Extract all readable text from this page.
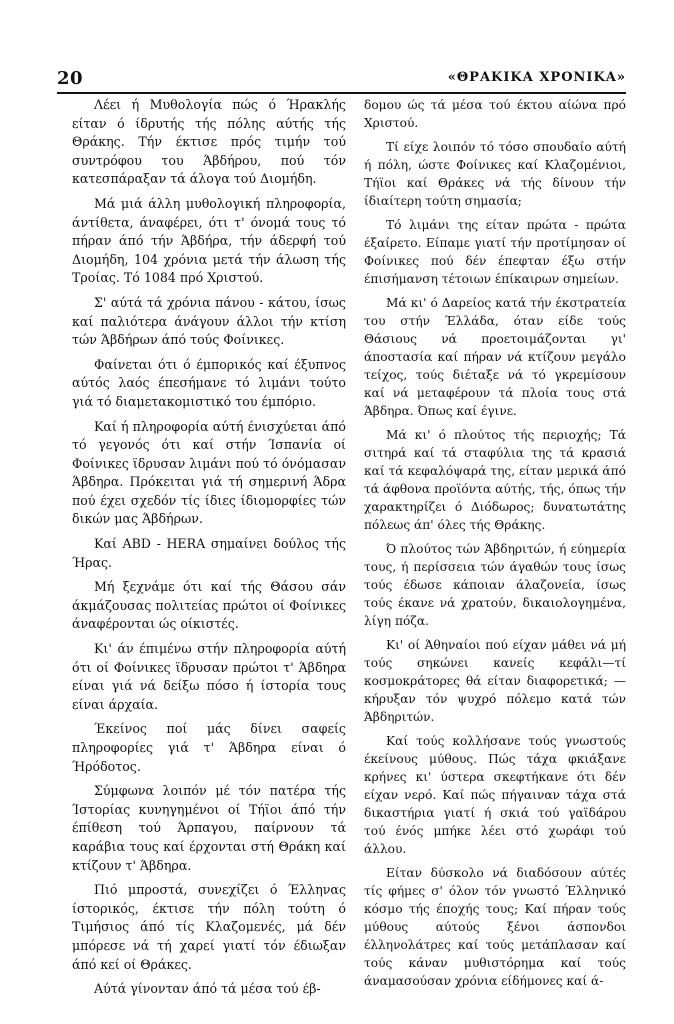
20	«ΘΡΑΚΙΚΑ ΧΡΟΝΙΚΑ»

Λέει ή Μυθολογία πώς ό Ήρακλής είταν ό ίδρυτής τής πόλης αύτής τής Θράκης. Τήν έκτισε πρός τιμήν τού συντρόφου του Άβδήρου, πού τόν κατεσπάραξαν τά άλογα τού Διομήδη.

Μά μιά άλλη μυθολογική πληροφορία, άντίθετα, άναφέρει, ότι τ' όνομά τους τό πήραν άπό τήν Άβδήρα, τήν άδερφή τού Διομήδη, 104 χρόνια μετά τήν άλωση τής Τροίας. Τό 1084 πρό Χριστού.

Σ' αύτά τά χρόνια πάνου - κάτου, ίσως καί παλιότερα άνάγουν άλλοι τήν κτίση τών Άβδήρων άπό τούς Φοίνικες.

Φαίνεται ότι ό έμπορικός καί έξυπνος αύτός λαός έπεσήμανε τό λιμάνι τούτο γιά τό διαμετακομιστικό του έμπόριο.

Καί ή πληροφορία αύτή ένισχύεται άπό τό γεγονός ότι καί στήν Ίσπανία οί Φοίνικες ϊδρυσαν λιμάνι πού τό όνόμασαν Άβδηρα. Πρόκειται γιά τή σημερινή Άδρα πού έχει σχεδόν τίς ίδιες ίδιομορφίες τών δικών μας Άβδήρων.

Καί ABD - HERA σημαίνει δούλος τής Ήρας.

Μή ξεχνάμε ότι καί τής Θάσου σάν άκμάζουσας πολιτείας πρώτοι οί Φοίνικες άναφέρονται ώς οίκιστές.

Κι' άν έπιμένω στήν πληροφορία αύτή ότι οί Φοίνικες ϊδρυσαν πρώτοι τ' Άβδηρα είναι γιά νά δείξω πόσο ή ίστορία τους είναι άρχαία.

Έκείνος ποί μάς δίνει σαφείς πληροφορίες γιά τ' Άβδηρα είναι ό Ήρόδοτος.

Σύμφωνα λοιπόν μέ τόν πατέρα τής Ίστορίας κυνηγημένοι οί Τήϊοι άπό τήν έπίθεση τού Άρπαγου, παίρνουν τά καράβια τους καί έρχονται στή Θράκη καί κτίζουν τ' Άβδηρα.

Πιό μπροστά, συνεχίζει ό Έλληνας ίστορικός, έκτισε τήν πόλη τούτη ό Τιμήσιος άπό τίς Κλαζομενές, μά δέν μπόρεσε νά τή χαρεί γιατί τόν έδιωξαν άπό κεί οί Θράκες.

Αύτά γίνονταν άπό τά μέσα τού έβ-

δομου ώς τά μέσα τού έκτου αίώνα πρό Χριστού.

Τί είχε λοιπόν τό τόσο σπουδαίο αύτή ή πόλη, ώστε Φοίνικες καί Κλαζομένιοι, Τήϊοι καί Θράκες νά τής δίνουν τήν ίδιαίτερη τούτη σημασία;

Τό λιμάνι της είταν πρώτα - πρώτα έξαίρετο. Είπαμε γιατί τήν προτίμησαν οί Φοίνικες πού δέν έπεφταν έξω στήν έπισήμανση τέτοιων έπίκαιρων σημείων.

Μά κι' ό Δαρείος κατά τήν έκστρατεία του στήν Έλλάδα, όταν είδε τούς Θάσιους νά προετοιμάζονται γι' άποστασία καί πήραν νά κτίζουν μεγάλο τείχος, τούς διέταξε νά τό γκρεμίσουν καί νά μεταφέρουν τά πλοία τους στά Άβδηρα. Όπως καί έγινε.

Μά κι' ό πλούτος τής περιοχής; Τά σιτηρά καί τά σταφύλια της τά κρασιά καί τά κεφαλόψαρά της, είταν μερικά άπό τά άφθονα προϊόντα αύτής, τής, όπως τήν χαρακτηρίζει ό Διόδωρος; δυνατωτάτης πόλεως άπ' όλες τής Θράκης.

Ό πλούτος τών Άβδηριτών, ή εύημερία τους, ή περίσσεια τών άγαθών τους ίσως τούς έδωσε κάποιαν άλαζονεία, ίσως τούς έκανε νά χρατούν, δικαιολογημένα, λίγη πόζα.

Κι' οί Άθηναίοι πού είχαν μάθει νά μή τούς σηκώνει κανείς κεφάλι—τί κοσμοκράτορες θά είταν διαφορετικά; — κήρυξαν τόν ψυχρό πόλεμο κατά τών Άβδηριτών.

Καί τούς κολλήσανε τούς γνωστούς έκείνους μύθους. Πώς τάχα φκιάξανε κρήνες κι' ύστερα σκεφτήκανε ότι δέν είχαν νερό. Καί πώς πήγαιναν τάχα στά δικαστήρια γιατί ή σκιά τού γαϊδάρου τού ένός μπήκε λέει στό χωράφι τού άλλου.

Είταν δύσκολο νά διαδόσουν αύτές τίς φήμες σ' όλον τόν γνωστό Έλληνικό κόσμο τής έποχής τους; Καί πήραν τούς μύθους αύτούς ξένοι άσπονδοι έλληνολάτρες καί τούς μετάπλασαν καί τούς κάναν μυθιστόρημα καί τούς άναμασούσαν χρόνια είδήμονες καί ά-
